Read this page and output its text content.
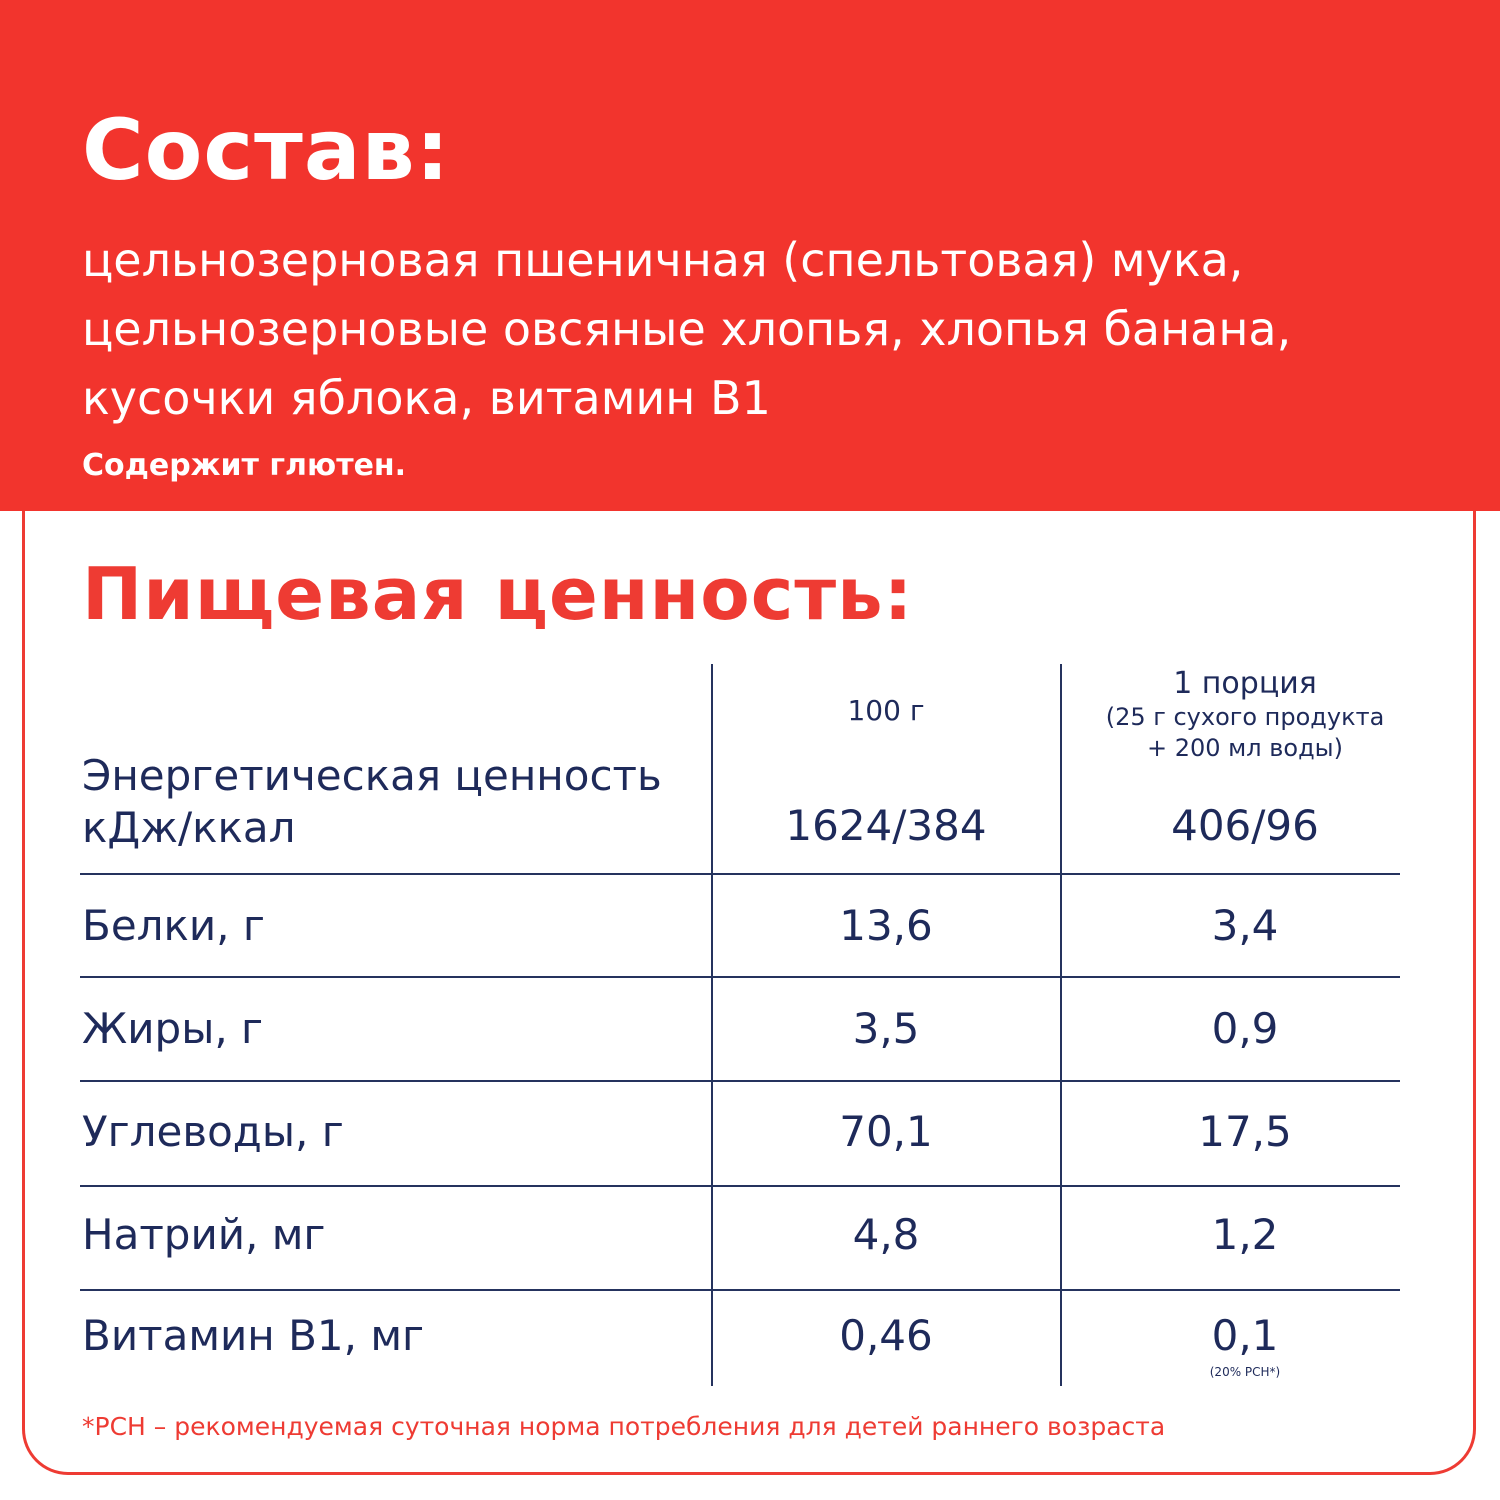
Состав:
цельнозерновая пшеничная (спельтовая) мука,
цельнозерновые овсяные хлопья, хлопья банана,
кусочки яблока, витамин В1
Содержит глютен.
Пищевая ценность:
100 г
1 порция
(25 г сухого продукта
+ 200 мл воды)
Энергетическая ценность
кДж/ккал	1624/384	406/96
Белки, г	13,6	3,4
Жиры, г	3,5	0,9
Углеводы, г	70,1	17,5
Натрий, мг	4,8	1,2
Витамин В1, мг	0,46	0,1
(20% РСН*)
*РСН – рекомендуемая суточная норма потребления для детей раннего возраста
